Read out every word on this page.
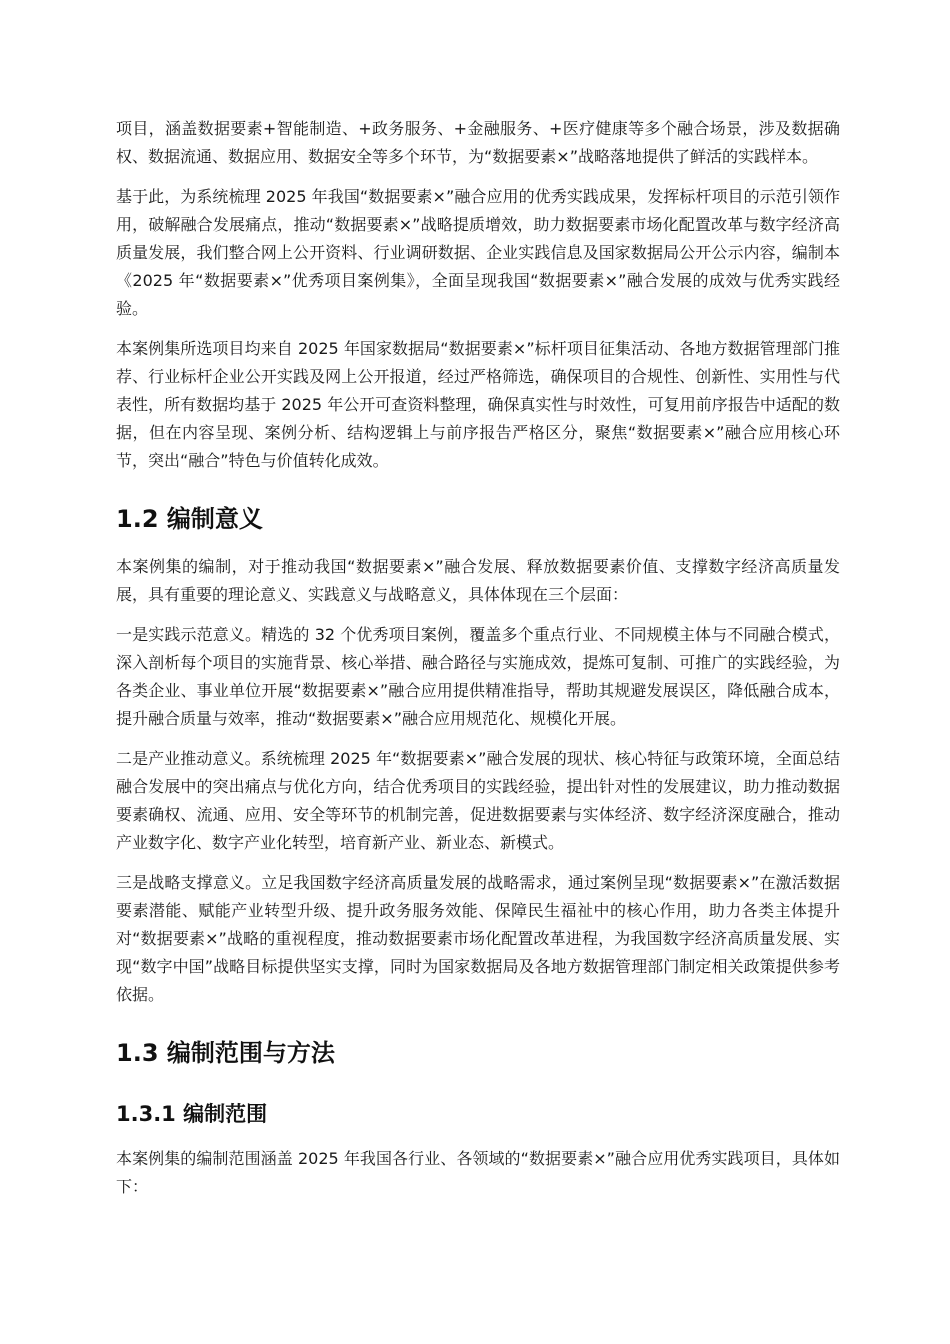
项目，涵盖数据要素+智能制造、+政务服务、+金融服务、+医疗健康等多个融合场景，涉及数据确权、数据流通、数据应用、数据安全等多个环节，为“数据要素×”战略落地提供了鲜活的实践样本。

基于此，为系统梳理 2025 年我国“数据要素×”融合应用的优秀实践成果，发挥标杆项目的示范引领作用，破解融合发展痛点，推动“数据要素×”战略提质增效，助力数据要素市场化配置改革与数字经济高质量发展，我们整合网上公开资料、行业调研数据、企业实践信息及国家数据局公开公示内容，编制本《2025 年“数据要素×”优秀项目案例集》，全面呈现我国“数据要素×”融合发展的成效与优秀实践经验。

本案例集所选项目均来自 2025 年国家数据局“数据要素×”标杆项目征集活动、各地方数据管理部门推荐、行业标杆企业公开实践及网上公开报道，经过严格筛选，确保项目的合规性、创新性、实用性与代表性，所有数据均基于 2025 年公开可查资料整理，确保真实性与时效性，可复用前序报告中适配的数据，但在内容呈现、案例分析、结构逻辑上与前序报告严格区分，聚焦“数据要素×”融合应用核心环节，突出“融合”特色与价值转化成效。

1.2 编制意义

本案例集的编制，对于推动我国“数据要素×”融合发展、释放数据要素价值、支撑数字经济高质量发展，具有重要的理论意义、实践意义与战略意义，具体体现在三个层面：

一是实践示范意义。精选的 32 个优秀项目案例，覆盖多个重点行业、不同规模主体与不同融合模式，深入剖析每个项目的实施背景、核心举措、融合路径与实施成效，提炼可复制、可推广的实践经验，为各类企业、事业单位开展“数据要素×”融合应用提供精准指导，帮助其规避发展误区，降低融合成本，提升融合质量与效率，推动“数据要素×”融合应用规范化、规模化开展。

二是产业推动意义。系统梳理 2025 年“数据要素×”融合发展的现状、核心特征与政策环境，全面总结融合发展中的突出痛点与优化方向，结合优秀项目的实践经验，提出针对性的发展建议，助力推动数据要素确权、流通、应用、安全等环节的机制完善，促进数据要素与实体经济、数字经济深度融合，推动产业数字化、数字产业化转型，培育新产业、新业态、新模式。

三是战略支撑意义。立足我国数字经济高质量发展的战略需求，通过案例呈现“数据要素×”在激活数据要素潜能、赋能产业转型升级、提升政务服务效能、保障民生福祉中的核心作用，助力各类主体提升对“数据要素×”战略的重视程度，推动数据要素市场化配置改革进程，为我国数字经济高质量发展、实现“数字中国”战略目标提供坚实支撑，同时为国家数据局及各地方数据管理部门制定相关政策提供参考依据。

1.3 编制范围与方法
1.3.1 编制范围

本案例集的编制范围涵盖 2025 年我国各行业、各领域的“数据要素×”融合应用优秀实践项目，具体如下：
